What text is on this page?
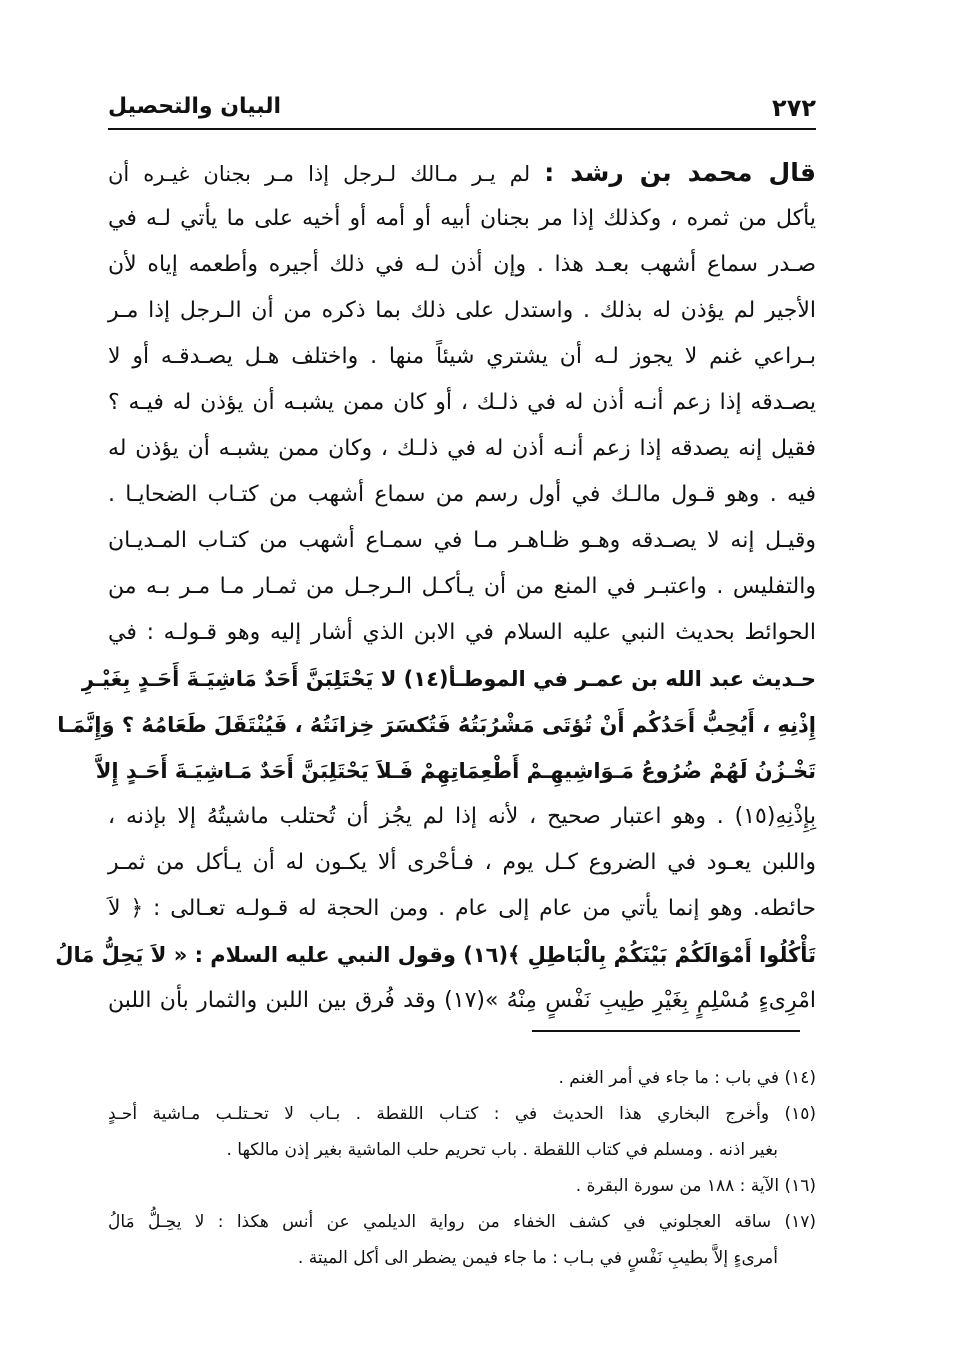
٢٧٢
البيان والتحصيل
قال محمد بن رشد : لم يـر مـالك لـرجل إذا مـر بجنان غيـره أن
يأكل من ثمره ، وكذلك إذا مر بجنان أبيه أو أمه أو أخيه على ما يأتي لـه في
صـدر سماع أشهب بعـد هذا . وإن أذن لـه في ذلك أجيره وأطعمه إياه لأن
الأجير لم يؤذن له بذلك . واستدل على ذلك بما ذكره من أن الـرجل إذا مـر
بـراعي غنم لا يجوز لـه أن يشتري شيئاً منها . واختلف هـل يصـدقـه أو لا
يصـدقه إذا زعم أنـه أذن له في ذلـك ، أو كان ممن يشبـه أن يؤذن له فيـه ؟
فقيل إنه يصدقه إذا زعم أنـه أذن له في ذلـك ، وكان ممن يشبـه أن يؤذن له
فيه . وهو قـول مالـك في أول رسم من سماع أشهب من كتـاب الضحايـا .
وقيـل إنه لا يصـدقه وهـو ظـاهـر مـا في سمـاع أشهب من كتـاب المـديـان
والتفليس . واعتبـر في المنع من أن يـأكـل الـرجـل من ثمـار مـا مـر بـه من
الحوائط بحديث النبي عليه السلام في الابن الذي أشار إليه وهو قـولـه : في
حـديث عبد الله بن عمـر في الموطـأ(١٤) لا يَحْتَلِبَنَّ أَحَدٌ مَاشِيَـةَ أَحَـدٍ بِغَيْـرِ
إِذْنِهِ ، أَيُحِبُّ أَحَدُكُم أَنْ تُؤتَى مَشْرُبَتُهُ فَتُكسَرَ خِزانَتُهُ ، فَيُنْتَقَلَ طَعَامُهُ ؟ وَإِنَّمَـا
تَخْـزُنُ لَهُمْ ضُرُوعُ مَـوَاشِيهِـمْ أَطْعِمَاتِهِمْ فَـلاَ يَحْتَلِبَنَّ أَحَدٌ مَـاشِيَـةَ أَحَـدٍ إِلاَّ
بِإِذْنِهِ(١٥) . وهو اعتبار صحيح ، لأنه إذا لم يجُز أن تُحتلب ماشيتُهُ إلا بإذنه ،
واللبن يعـود في الضروع كـل يوم ، فـأحْرى ألا يكـون له أن يـأكل من ثمـر
حائطه. وهو إنما يأتي من عام إلى عام . ومن الحجة له قـولـه تعـالى : ﴿ لاَ
تَأْكُلُوا أَمْوَالَكُمْ بَيْنَكُمْ بِالْبَاطِلِ ﴾(١٦) وقول النبي عليه السلام : « لاَ يَحِلُّ مَالُ
امْرِىءٍ مُسْلِمٍ بِغَيْرِ طِيبِ نَفْسٍ مِنْهُ »(١٧) وقد فُرق بين اللبن والثمار بأن اللبن
(١٤) في باب : ما جاء في أمر الغنم .
(١٥) وأخرج البخاري هذا الحديث في : كتـاب اللقطة . بـاب لا تحـتلـب مـاشية أحـدٍ
بغير اذنه . ومسلم في كتاب اللقطة . باب تحريم حلب الماشية بغير إذن مالكها .
(١٦) الآية : ١٨٨ من سورة البقرة .
(١٧) ساقه العجلوني في كشف الخفاء من رواية الديلمي عن أنس هكذا : لا يحِـلُّ مَالُ
أمرىءٍ إلاَّ بطيبِ نَفْسٍ في بـاب : ما جاء فيمن يضطر الى أكل الميتة .
